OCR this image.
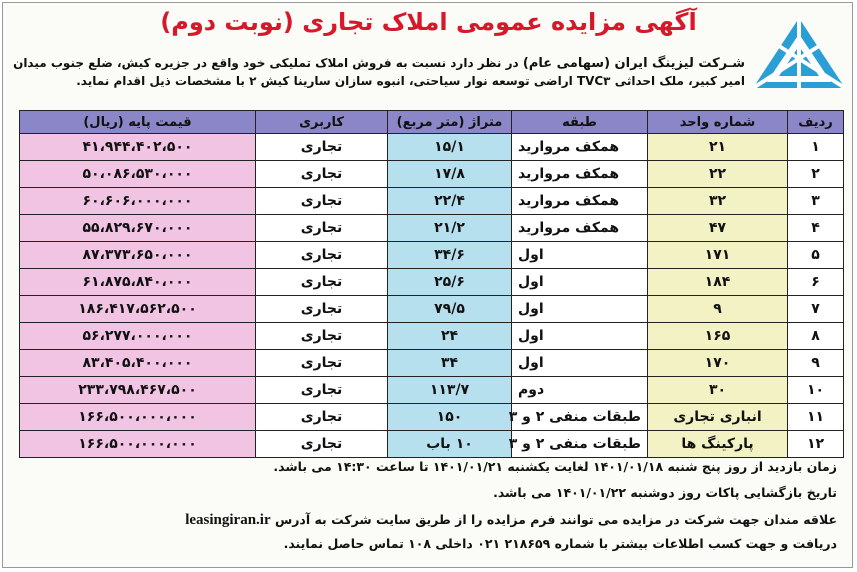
آگهی مزایده عمومی املاک تجاری (نوبت دوم)
شـرکت لیزینگ ایران (سهامی عام) در نظر دارد نسبت به فروش املاک تملیکی خود واقع در جزیره کیش، ضلع جنوب میدان
امیر کبیر، ملک احداثی TVC۳ اراضی توسعه نوار سیاحتی، انبوه سازان سارینا کیش ۲ با مشخصات ذیل اقدام نماید.
ردیف	شماره واحد	طبقه	متراژ (متر مربع)	کاربری	قیمت پایه (ریال)
۱	۲۱	همکف مروارید	۱۵/۱	تجاری	۴۱،۹۴۴،۴۰۲،۵۰۰
۲	۲۲	همکف مروارید	۱۷/۸	تجاری	۵۰،۰۸۶،۵۳۰،۰۰۰
۳	۳۲	همکف مروارید	۲۲/۴	تجاری	۶۰،۶۰۶،۰۰۰،۰۰۰
۴	۴۷	همکف مروارید	۲۱/۲	تجاری	۵۵،۸۲۹،۶۷۰،۰۰۰
۵	۱۷۱	اول	۳۴/۶	تجاری	۸۷،۳۷۳،۶۵۰،۰۰۰
۶	۱۸۴	اول	۲۵/۶	تجاری	۶۱،۸۷۵،۸۴۰،۰۰۰
۷	۹	اول	۷۹/۵	تجاری	۱۸۶،۴۱۷،۵۶۲،۵۰۰
۸	۱۶۵	اول	۲۴	تجاری	۵۶،۲۷۷،۰۰۰،۰۰۰
۹	۱۷۰	اول	۳۴	تجاری	۸۳،۴۰۵،۴۰۰،۰۰۰
۱۰	۳۰	دوم	۱۱۳/۷	تجاری	۲۳۳،۷۹۸،۴۶۷،۵۰۰
۱۱	انباری تجاری	طبقات منفی ۲ و ۳	۱۵۰	تجاری	۱۶۶،۵۰۰،۰۰۰،۰۰۰
۱۲	پارکینگ ها	طبقات منفی ۲ و ۳	۱۰ باب	تجاری	۱۶۶،۵۰۰،۰۰۰،۰۰۰
زمان بازدید از روز پنج شنبه ۱۴۰۱/۰۱/۱۸ لغایت یکشنبه ۱۴۰۱/۰۱/۲۱ تا ساعت ۱۴:۳۰ می باشد.
تاریخ بازگشایی پاکات روز دوشنبه ۱۴۰۱/۰۱/۲۲ می باشد.
علاقه مندان جهت شرکت در مزایده می توانند فرم مزایده را از طریق سایت شرکت به آدرس leasingiran.ir
دریافت و جهت کسب اطلاعات بیشتر با شماره ۲۱۸۶۵۹ ۰۲۱ داخلی ۱۰۸ تماس حاصل نمایند.
